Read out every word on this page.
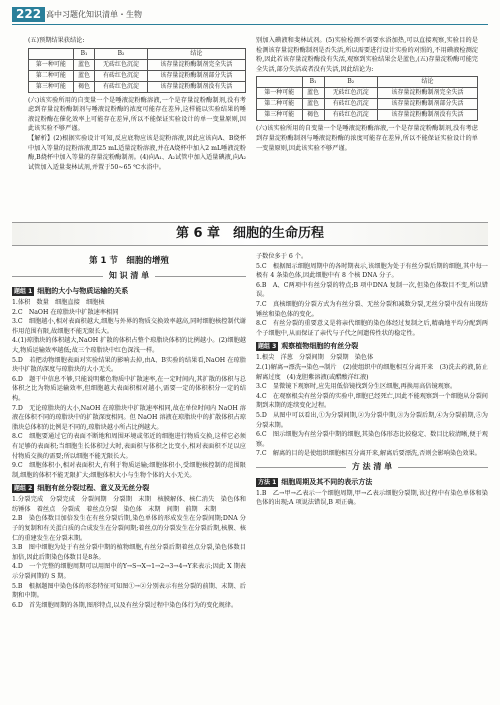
222 高中习题化知识清单・生物

(五)预期结果获结论:

	B₁	B₂	结论
第一种可能	蓝色	无砖红色沉淀	该存量淀粉酶制剂完全失活
第二种可能	蓝色	有砖红色沉淀	该存量淀粉酶制剂部分失活
第三种可能	褐色	有砖红色沉淀	该存量淀粉酶制剂没有失活

(六)该实验所用的自变量一个是唾液淀粉酶溶液,一个是存量淀粉酶制剂,没有考虑到存量淀粉酶制剂与唾液淀粉酶的浓度可能存在差异,这样能以实验结果的唾液淀粉酶在催化效率上可能存在差异,所以不能保证实验设计的单一变量原则,因此该实验不够严谨。

【解析】(2)根据实验设计可知,反应底物应该是淀粉溶液,因此应该向A、B烧杯中加入等量的淀粉溶液,即25 mL适量淀粉溶液,并在A烧杯中加入2 mL唾液淀粉酶,B烧杯中加入等量的存量淀粉酶制剂。(4)向A₁、A₂试管中加入适量碘液,向A₂试管加入适量斐林试剂,并置于50~65 ℃水浴中。

别加入碘液和斐林试剂。(5)实验检测不需要水浴加热,可以直接观察,实验目的是检测该存量淀粉酶制剂是否失活,所以需要进行设计实验的对照的,不用碘液检测淀粉,因此若该存量淀粉酶没有失活,观察到实验结果会是蓝色,(五)存量淀粉酶可能完全失活,部分失活或者没有失活,因此结论为:

	B₁	B₂	结论
第一种可能	蓝色	无砖红色沉淀	该存量淀粉酶制剂完全失活
第二种可能	蓝色	有砖红色沉淀	该存量淀粉酶制剂部分失活
第三种可能	褐色	有砖红色沉淀	该存量淀粉酶制剂没有失活

(六)该实验所用的自变量一个是唾液淀粉酶溶液,一个是存量淀粉酶制剂,没有考虑到存量淀粉酶制剂与唾液淀粉酶的浓度可能存在差异,所以不能保证实验设计的单一变量原则,因此该实验不够严谨。

第 6 章　细胞的生命历程
第 1 节　细胞的增殖
知 识 清 单
题组 1 细胞的大小与物质运输的关系

1.体积　数量　细胞直接　细胞核

2.C　NaOH 在琼脂块中扩散速率相同

3.C　细胞越小,相对表面积越大,细胞与外界的物质交换效率越高,同时细胞核控制代谢作用范围有限,故细胞不能无限长大。

4.(1)琼脂块的体积越大,NaOH 扩散的体积占整个琼脂块体积的比例越小。(2)细胞越大,物质运输效率越低;故三个琼脂块中红色深浅一样。

5.D　若把动物细胞表面对实验结果的影响去掉,由A、B实验的结果看,NaOH 在琼脂块中扩散的深度与琼脂块的大小无关。

6.D　题干中信息不够,只能说明紫色物质中扩散速率,在一定时间内,其扩散的体积与总体积之比为物质运输效率,但细胞越大表面积相对越小,需要一定的体积积分一定的结构。

7.D　无论琼脂块的大小,NaOH 在琼脂块中扩散速率相同,故在单位时间内 NaOH 溶液在体积不同的琼脂块中的扩散深度相同。但 NaOH 溶液在琼脂块中的扩散体积占琼脂块总体积的比例是不同的,琼脂块越小所占比例越大。

8.C　细胞要通过它的表面不断地和周围环境或邻近的细胞进行物质交换,这样它必须有足够的表面积;当细胞生长体积过大时,表面积与体积之比变小,相对表面积不足以应付物质交换的需要;所以细胞不能无限长大。

9.C　细胞体积小,相对表面积大,有利于物质运输;细胞体积小,受细胞核控制的范围限制,细胞的体积不能无限扩大;细胞体积大小与生物个体的大小无关。

题组 2 细胞有丝分裂过程、意义及无丝分裂

1.分裂完成　分裂完成　分裂间期　分裂期　末期　核膜解体、核仁消失　染色体和纺锤体　着丝点　分裂成　着丝点分裂　染色体　末期　间期　前期　末期

2.B　染色体数目加倍发生在有丝分裂后期,染色单体的形成发生在分裂间期;DNA 分子的复制和有关蛋白质的合成发生在分裂间期;着丝点的分裂发生在分裂后期,核膜、核仁的重建发生在分裂末期。

3.B　图中细胞为处于有丝分裂中期的植物细胞,有丝分裂后期着丝点分裂,染色体数目加倍,因此后期染色体数目是8条。

4.D　一个完整的细胞周期可以用图中的Y→S→X→1→2→3→4→Y来表示;因此 X 期表示分裂间期的 S 期。

5.B　根据题图中染色体的形态特征可知图①→②分别表示有丝分裂的前期、末期、后期和中期。

6.D　首先细胞周期的各期,图形特点,以及有丝分裂过程中染色体行为的变化规律。

子数位多于 6 个。

5.C　根据图示细胞周期中的各时期表示,该细胞为处于有丝分裂后期的细胞,其中每一极有 4 条染色体,因此细胞中有 8 个核 DNA 分子。

6.B　A、C两项中有丝分裂的特点;B 项中DNA 复制一次,但染色体数目不变,所以错误。

7.C　真核细胞的分裂方式为有丝分裂、无丝分裂和减数分裂,无丝分裂中没有出现纺锤丝和染色体的变化。

8.C　有丝分裂的重要意义是将亲代细胞的染色体经过复制之后,精确地平均分配到两个子细胞中,从而保证了亲代与子代之间遗传性状的稳定性。

题组 3 观察植物细胞的有丝分裂

1.根尖　洋葱　分裂间期　分裂期　染色体

2.(1)解离→漂洗→染色→制片　(2)使组织中的细胞相互分离开来　(3)洗去药液,防止解离过度　(4)龙胆紫溶液(或醋酸洋红液)

3.C　显微镜下观察时,应先用低倍镜找到分生区细胞,再换用高倍镜观察。

4.C　在观察根尖有丝分裂的实验中,细胞已经死亡,因此不能观察到一个细胞从分裂间期到末期的连续变化过程。

5.D　从图中可以看出,①为分裂间期,②为分裂中期,③为分裂后期,④为分裂前期,⑤为分裂末期。

6.C　图示细胞为有丝分裂中期的细胞,其染色体形态比较稳定、数目比较清晰,便于观察。

7.C　解离的目的是使组织细胞相互分离开来,解离后要漂洗,否则会影响染色效果。

方 法 清 单
方法 1 细胞周期及其不同的表示方法

1.B　乙→甲→乙表示一个细胞周期,甲→乙表示细胞分裂期,该过程中有染色单体和染色体的出现;A 项说法错误,B 项正确。
